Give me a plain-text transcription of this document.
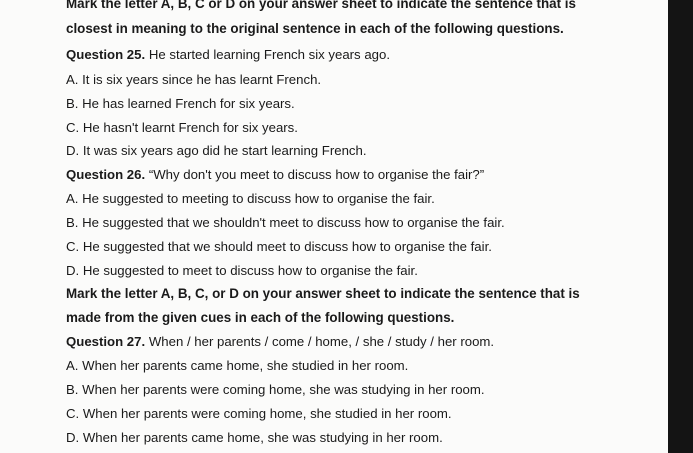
Mark the letter A, B, C or D on your answer sheet to indicate the sentence that is
closest in meaning to the original sentence in each of the following questions.
Question 25. He started learning French six years ago.
A. It is six years since he has learnt French.
B. He has learned French for six years.
C. He hasn't learnt French for six years.
D. It was six years ago did he start learning French.
Question 26. “Why don't you meet to discuss how to organise the fair?”
A. He suggested to meeting to discuss how to organise the fair.
B. He suggested that we shouldn't meet to discuss how to organise the fair.
C. He suggested that we should meet to discuss how to organise the fair.
D. He suggested to meet to discuss how to organise the fair.
Mark the letter A, B, C, or D on your answer sheet to indicate the sentence that is
made from the given cues in each of the following questions.
Question 27. When / her parents / come / home, / she / study / her room.
A. When her parents came home, she studied in her room.
B. When her parents were coming home, she was studying in her room.
C. When her parents were coming home, she studied in her room.
D. When her parents came home, she was studying in her room.
